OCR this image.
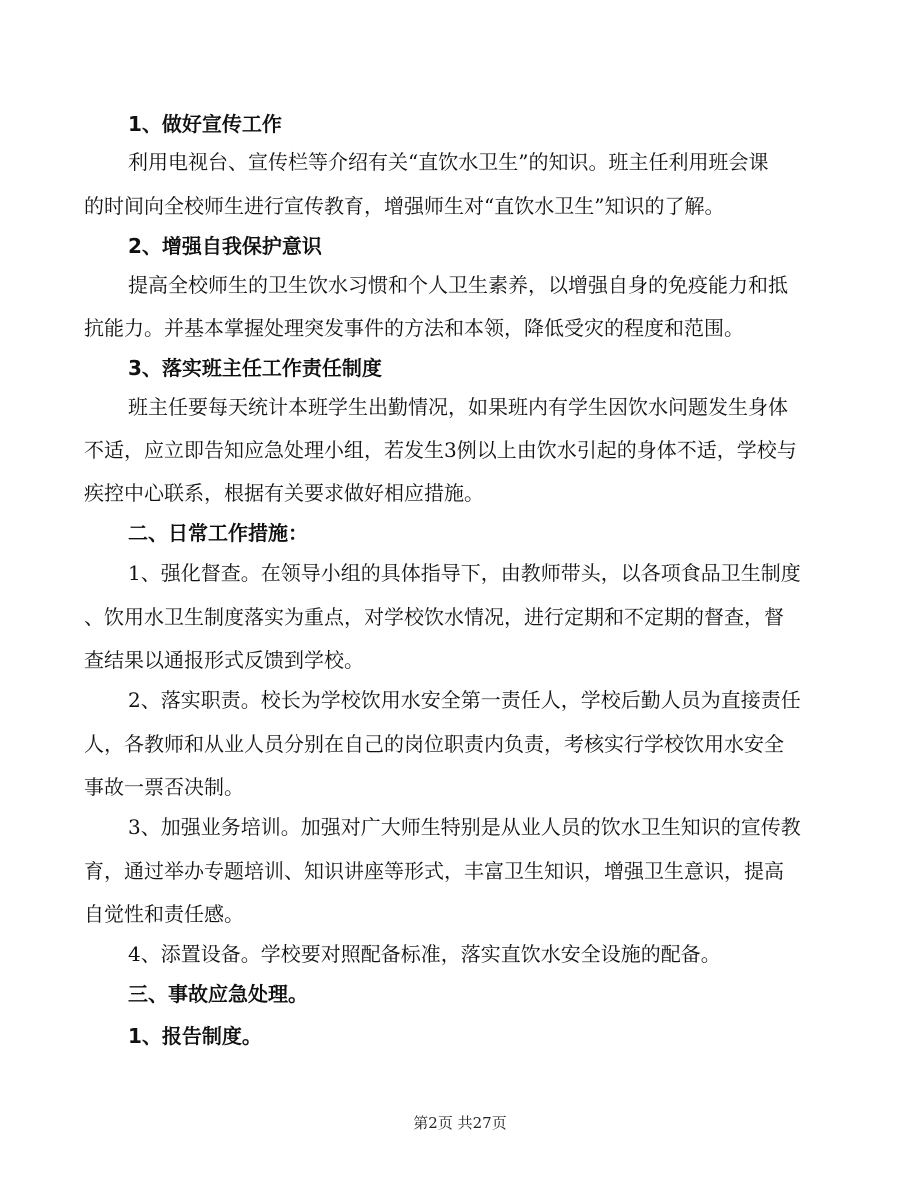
1、做好宣传工作

利用电视台、宣传栏等介绍有关“直饮水卫生”的知识。班主任利用班会课

的时间向全校师生进行宣传教育，增强师生对“直饮水卫生”知识的了解。

2、增强自我保护意识

提高全校师生的卫生饮水习惯和个人卫生素养，以增强自身的免疫能力和抵

抗能力。并基本掌握处理突发事件的方法和本领，降低受灾的程度和范围。

3、落实班主任工作责任制度

班主任要每天统计本班学生出勤情况，如果班内有学生因饮水问题发生身体

不适，应立即告知应急处理小组，若发生3例以上由饮水引起的身体不适，学校与

疾控中心联系，根据有关要求做好相应措施。

二、日常工作措施：

1、强化督查。在领导小组的具体指导下，由教师带头，以各项食品卫生制度

、饮用水卫生制度落实为重点，对学校饮水情况，进行定期和不定期的督查，督

查结果以通报形式反馈到学校。

2、落实职责。校长为学校饮用水安全第一责任人，学校后勤人员为直接责任

人，各教师和从业人员分别在自己的岗位职责内负责，考核实行学校饮用水安全

事故一票否决制。

3、加强业务培训。加强对广大师生特别是从业人员的饮水卫生知识的宣传教

育，通过举办专题培训、知识讲座等形式，丰富卫生知识，增强卫生意识，提高

自觉性和责任感。

4、添置设备。学校要对照配备标准，落实直饮水安全设施的配备。

三、事故应急处理。

1、报告制度。

第2页 共27页
